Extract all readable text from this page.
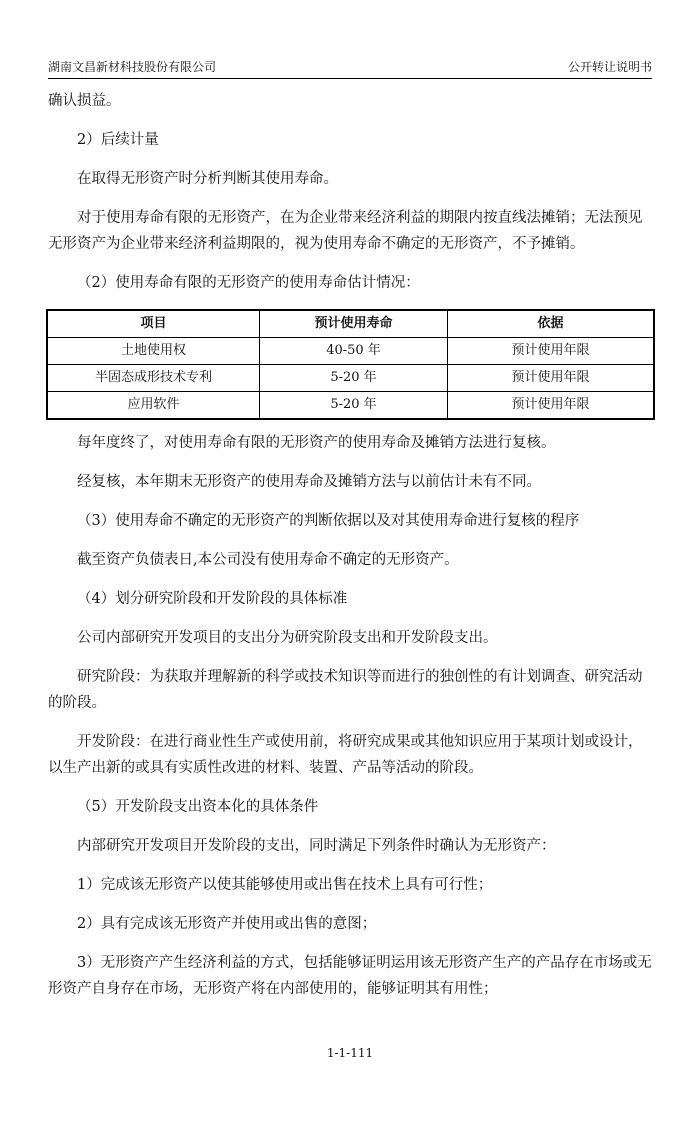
湖南文昌新材科技股份有限公司	公开转让说明书

确认损益。

2）后续计量

在取得无形资产时分析判断其使用寿命。

对于使用寿命有限的无形资产，在为企业带来经济利益的期限内按直线法摊销；无法预见无形资产为企业带来经济利益期限的，视为使用寿命不确定的无形资产，不予摊销。

（2）使用寿命有限的无形资产的使用寿命估计情况：

项目	预计使用寿命	依据
土地使用权	40-50 年	预计使用年限
半固态成形技术专利	5-20 年	预计使用年限
应用软件	5-20 年	预计使用年限

每年度终了，对使用寿命有限的无形资产的使用寿命及摊销方法进行复核。

经复核，本年期末无形资产的使用寿命及摊销方法与以前估计未有不同。

（3）使用寿命不确定的无形资产的判断依据以及对其使用寿命进行复核的程序

截至资产负债表日,本公司没有使用寿命不确定的无形资产。

（4）划分研究阶段和开发阶段的具体标准

公司内部研究开发项目的支出分为研究阶段支出和开发阶段支出。

研究阶段：为获取并理解新的科学或技术知识等而进行的独创性的有计划调查、研究活动的阶段。

开发阶段：在进行商业性生产或使用前，将研究成果或其他知识应用于某项计划或设计，以生产出新的或具有实质性改进的材料、装置、产品等活动的阶段。

（5）开发阶段支出资本化的具体条件

内部研究开发项目开发阶段的支出，同时满足下列条件时确认为无形资产：

1）完成该无形资产以使其能够使用或出售在技术上具有可行性；

2）具有完成该无形资产并使用或出售的意图；

3）无形资产产生经济利益的方式，包括能够证明运用该无形资产生产的产品存在市场或无形资产自身存在市场，无形资产将在内部使用的，能够证明其有用性；

1-1-111
